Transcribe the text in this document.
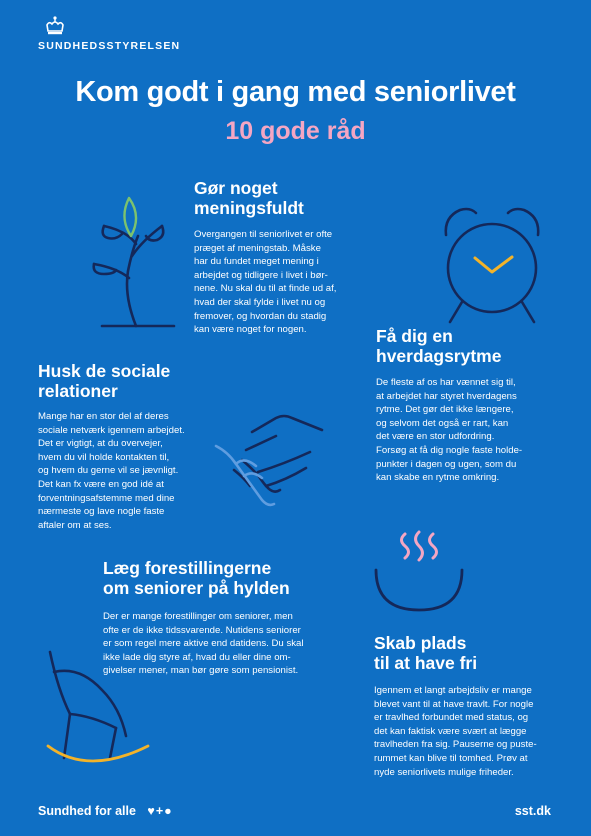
SUNDHEDSSTYRELSEN
Kom godt i gang med seniorlivet
10 gode råd
Gør noget
meningsfuldt
Overgangen til seniorlivet er ofte
præget af meningstab. Måske
har du fundet meget mening i
arbejdet og tidligere i livet i bør-
nene. Nu skal du til at finde ud af,
hvad der skal fylde i livet nu og
fremover, og hvordan du stadig
kan være noget for nogen.	Få dig en
hverdagsrytme
De fleste af os har vænnet sig til,
at arbejdet har styret hverdagens
rytme. Det gør det ikke længere,
og selvom det også er rart, kan
det være en stor udfordring.
Forsøg at få dig nogle faste holde-
punkter i dagen og ugen, som du
kan skabe en rytme omkring.
Husk de sociale
relationer
Mange har en stor del af deres
sociale netværk igennem arbejdet.
Det er vigtigt, at du overvejer,
hvem du vil holde kontakten til,
og hvem du gerne vil se jævnligt.
Det kan fx være en god idé at
forventningsafstemme med dine
nærmeste og lave nogle faste
aftaler om at ses.
Læg forestillingerne
om seniorer på hylden
Der er mange forestillinger om seniorer, men
ofte er de ikke tidssvarende. Nutidens seniorer
er som regel mere aktive end datidens. Du skal
ikke lade dig styre af, hvad du eller dine om-
givelser mener, man bør gøre som pensionist.
Skab plads
til at have fri
Igennem et langt arbejdsliv er mange
blevet vant til at have travlt. For nogle
er travlhed forbundet med status, og
det kan faktisk være svært at lægge
travlheden fra sig. Pauserne og puste-
rummet kan blive til tomhed. Prøv at
nyde seniorlivets mulige friheder.
Sundhed for alle ♥+●	sst.dk
